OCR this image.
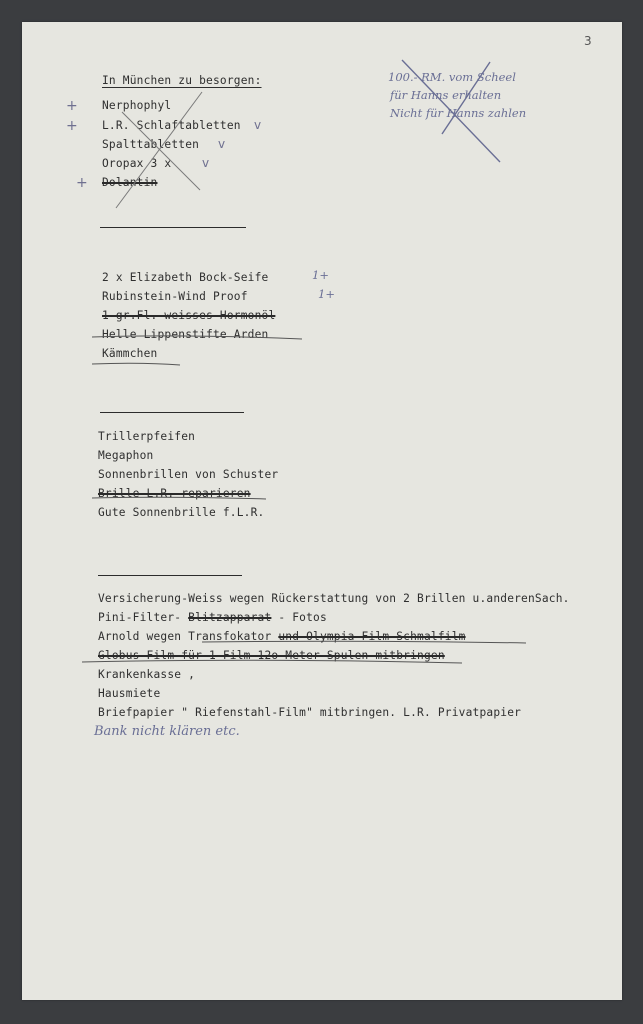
3
In München zu besorgen:	100.- RM. vom Scheel
für Hanns erhalten
Nicht für Hanns zahlen
+ Nerphophyl
+ L.R. Schlaftabletten v
Spalttabletten v
Oropax 3 x	v
+ Dolantin
2 x Elizabeth Bock-Seife	1+
Rubinstein-Wind Proof	1+
1 gr.Fl. weisses Hormonöl
Helle Lippenstifte Arden
Kämmchen
Trillerpfeifen
Megaphon
Sonnenbrillen von Schuster
Brille L.R. reparieren
Gute Sonnenbrille f.L.R.
Versicherung-Weiss wegen Rückerstattung von 2 Brillen u.anderenSach.
Pini-Filter- Blitzapparat - Fotos
Arnold wegen Transfokator und Olympia-Film-Schmalfilm
Globus-Film für 1 Film 12o Meter Spulen mitbringen
Krankenkasse ,
Hausmiete
Briefpapier " Riefenstahl-Film" mitbringen. L.R. Privatpapier
Bank nicht klären etc.
